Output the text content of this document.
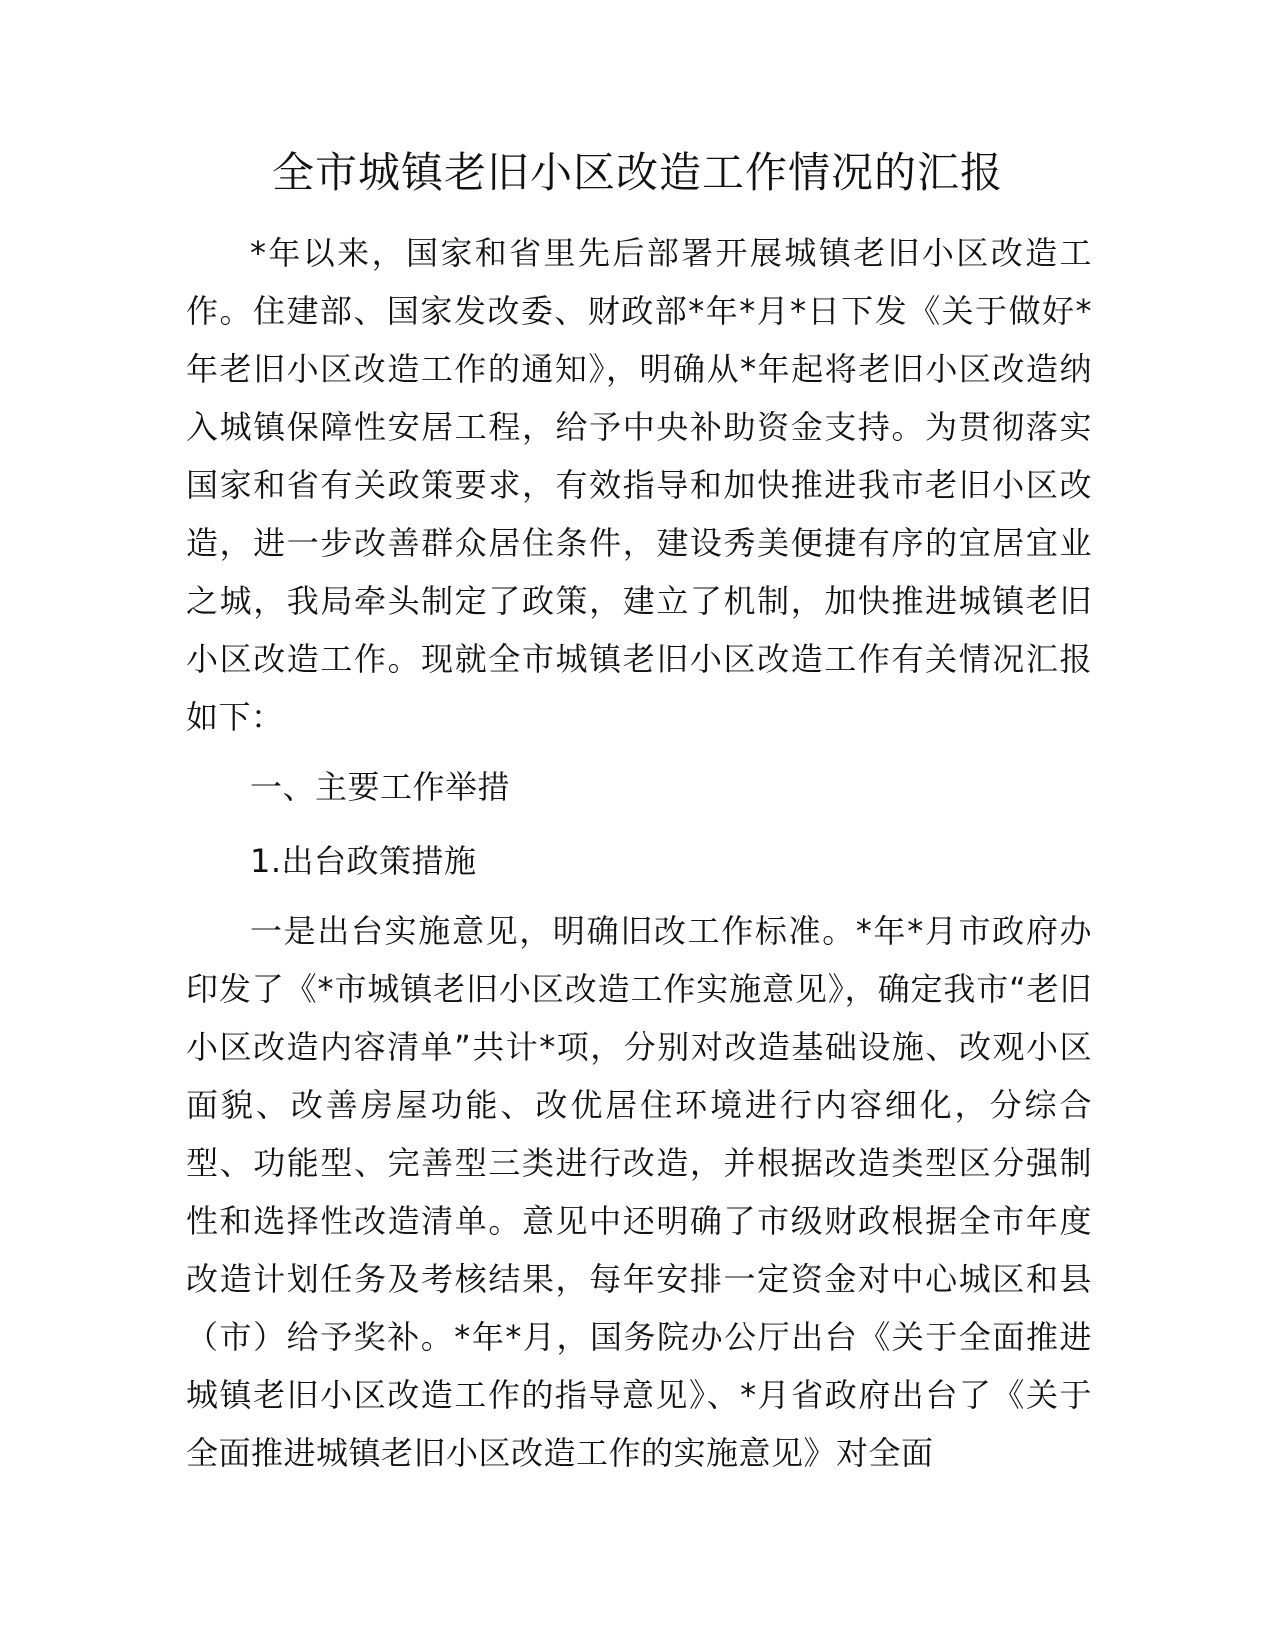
全市城镇老旧小区改造工作情况的汇报

*年以来，国家和省里先后部署开展城镇老旧小区改造工作。住建部、国家发改委、财政部*年*月*日下发《关于做好*年老旧小区改造工作的通知》，明确从*年起将老旧小区改造纳入城镇保障性安居工程，给予中央补助资金支持。为贯彻落实国家和省有关政策要求，有效指导和加快推进我市老旧小区改造，进一步改善群众居住条件，建设秀美便捷有序的宜居宜业之城，我局牵头制定了政策，建立了机制，加快推进城镇老旧小区改造工作。现就全市城镇老旧小区改造工作有关情况汇报如下：

一、主要工作举措

1.出台政策措施

一是出台实施意见，明确旧改工作标准。*年*月市政府办印发了《*市城镇老旧小区改造工作实施意见》，确定我市“老旧小区改造内容清单”共计*项，分别对改造基础设施、改观小区面貌、改善房屋功能、改优居住环境进行内容细化，分综合型、功能型、完善型三类进行改造，并根据改造类型区分强制性和选择性改造清单。意见中还明确了市级财政根据全市年度改造计划任务及考核结果，每年安排一定资金对中心城区和县（市）给予奖补。*年*月，国务院办公厅出台《关于全面推进城镇老旧小区改造工作的指导意见》、*月省政府出台了《关于全面推进城镇老旧小区改造工作的实施意见》对全面
